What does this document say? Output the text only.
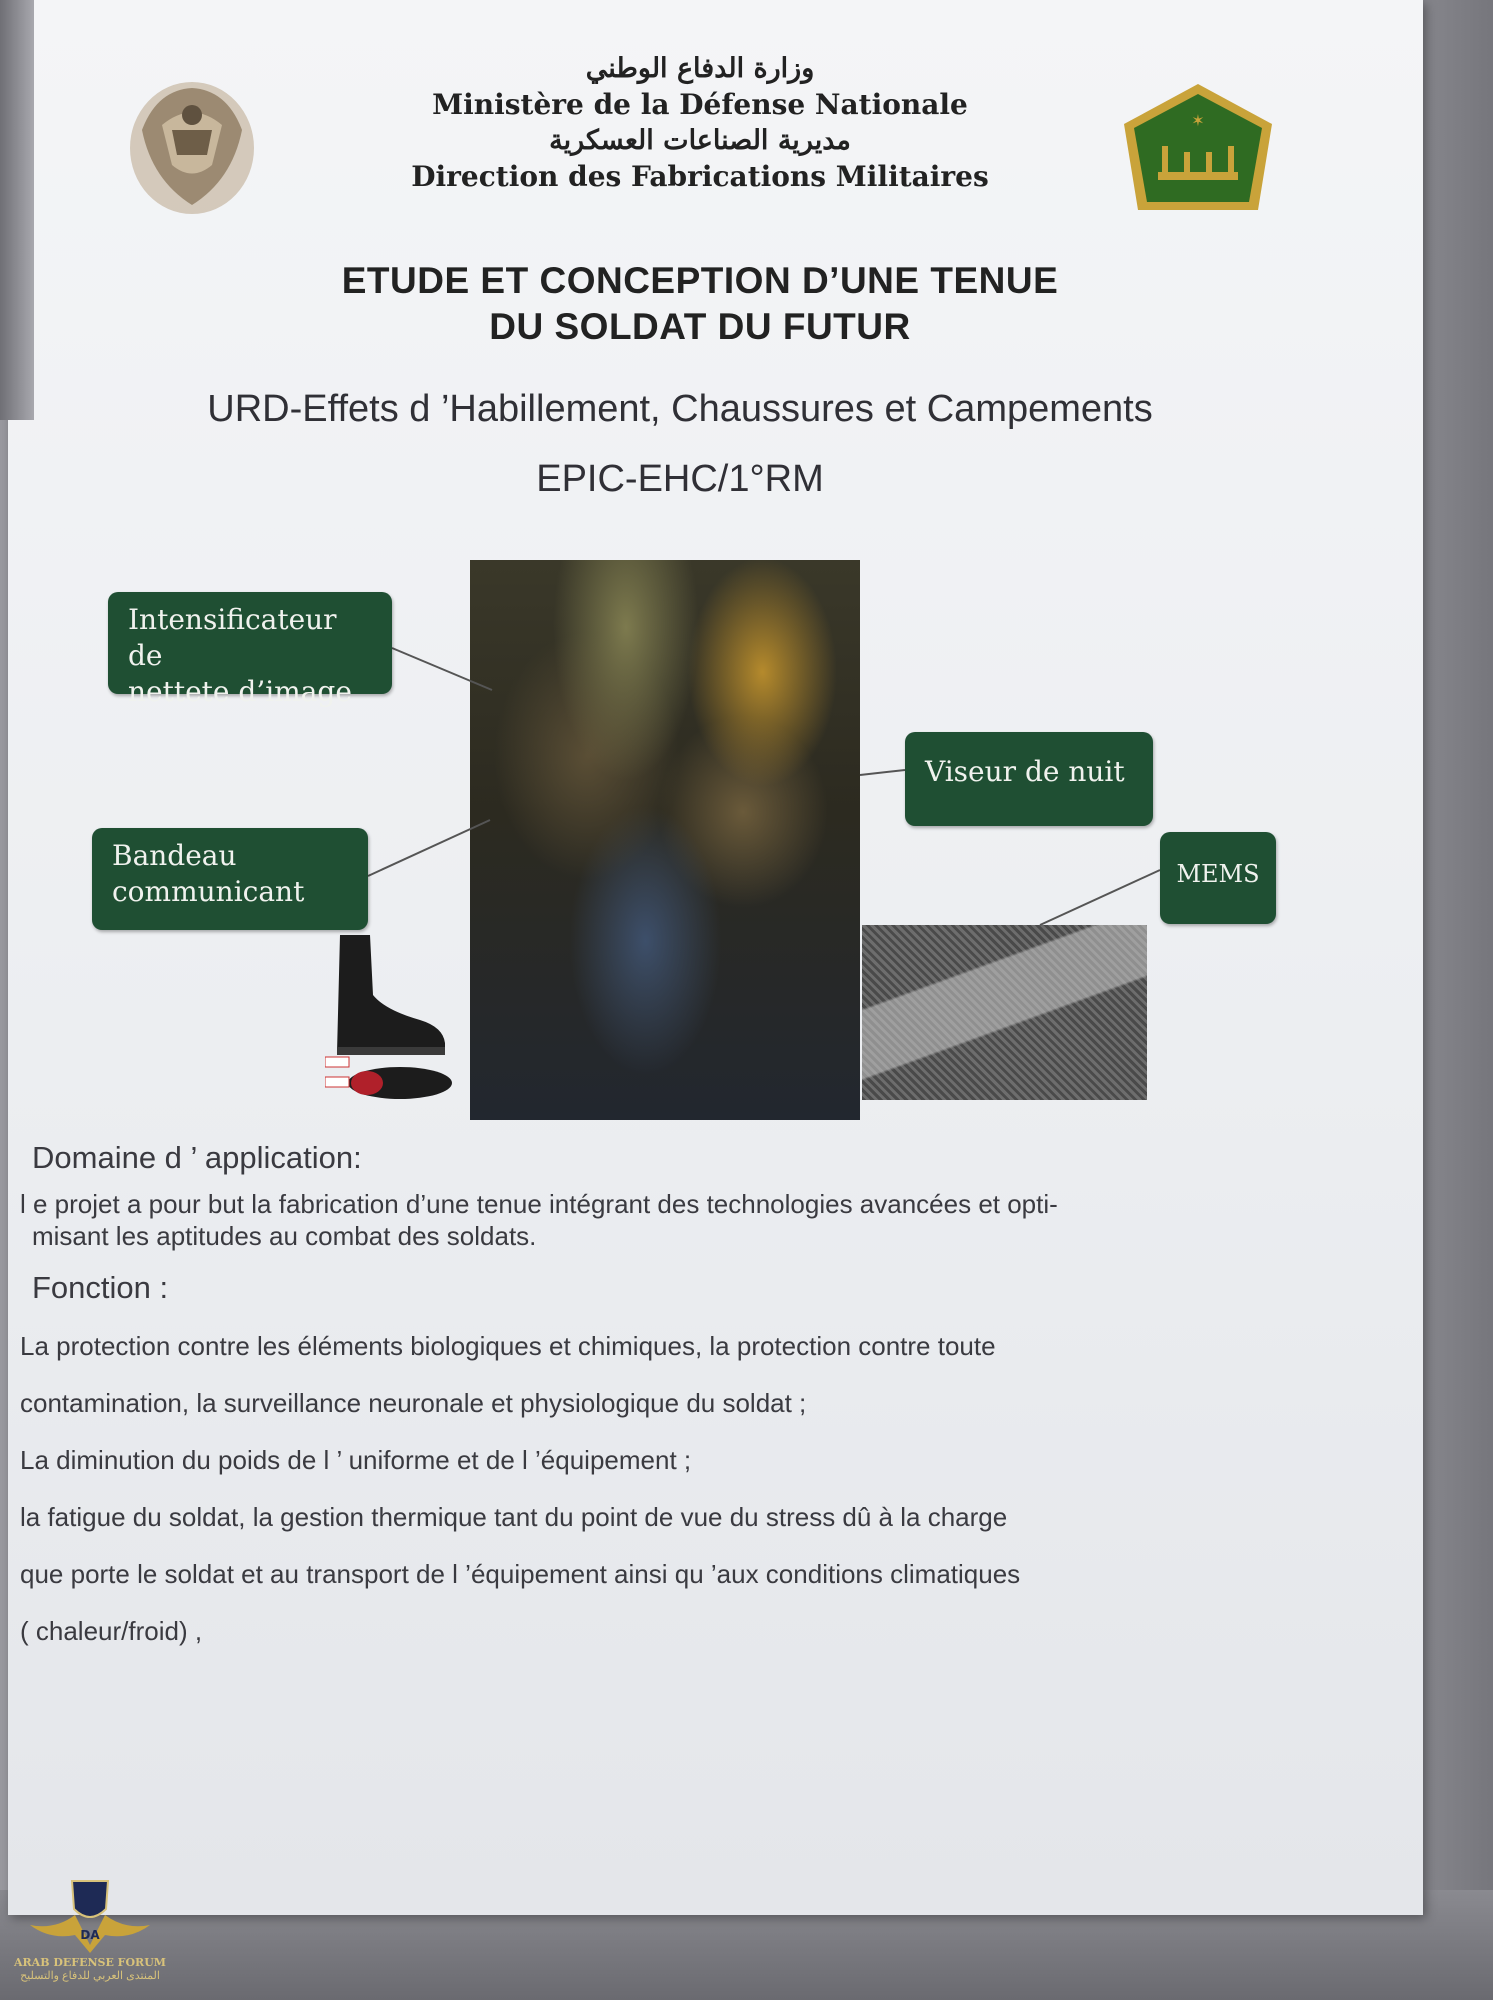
✶
وزارة الدفاع الوطني
Ministère de la Défense Nationale
مديرية الصناعات العسكرية
Direction des Fabrications Militaires
ETUDE ET CONCEPTION D’UNE TENUE
DU SOLDAT DU FUTUR
URD-Effets d ’Habillement, Chaussures et Campements
EPIC-EHC/1°RM
Intensificateur de
nettete d’image
Viseur de nuit
Bandeau
communicant
MEMS
Domaine d ’ application:
l e projet a pour but la fabrication d’une tenue intégrant des technologies avancées et opti-
misant les aptitudes au combat des soldats.
Fonction :
La protection contre les éléments biologiques et chimiques, la protection contre toute
contamination, la surveillance neuronale et physiologique du soldat ;
La diminution du poids de l ’ uniforme et de l ’équipement ;
la fatigue du soldat, la gestion thermique tant du point de vue du stress dû à la charge
que porte le soldat et au transport de l ’équipement ainsi qu ’aux conditions climatiques
( chaleur/froid) ,
DA
ARAB DEFENSE FORUM
المنتدى العربي للدفاع والتسليح
